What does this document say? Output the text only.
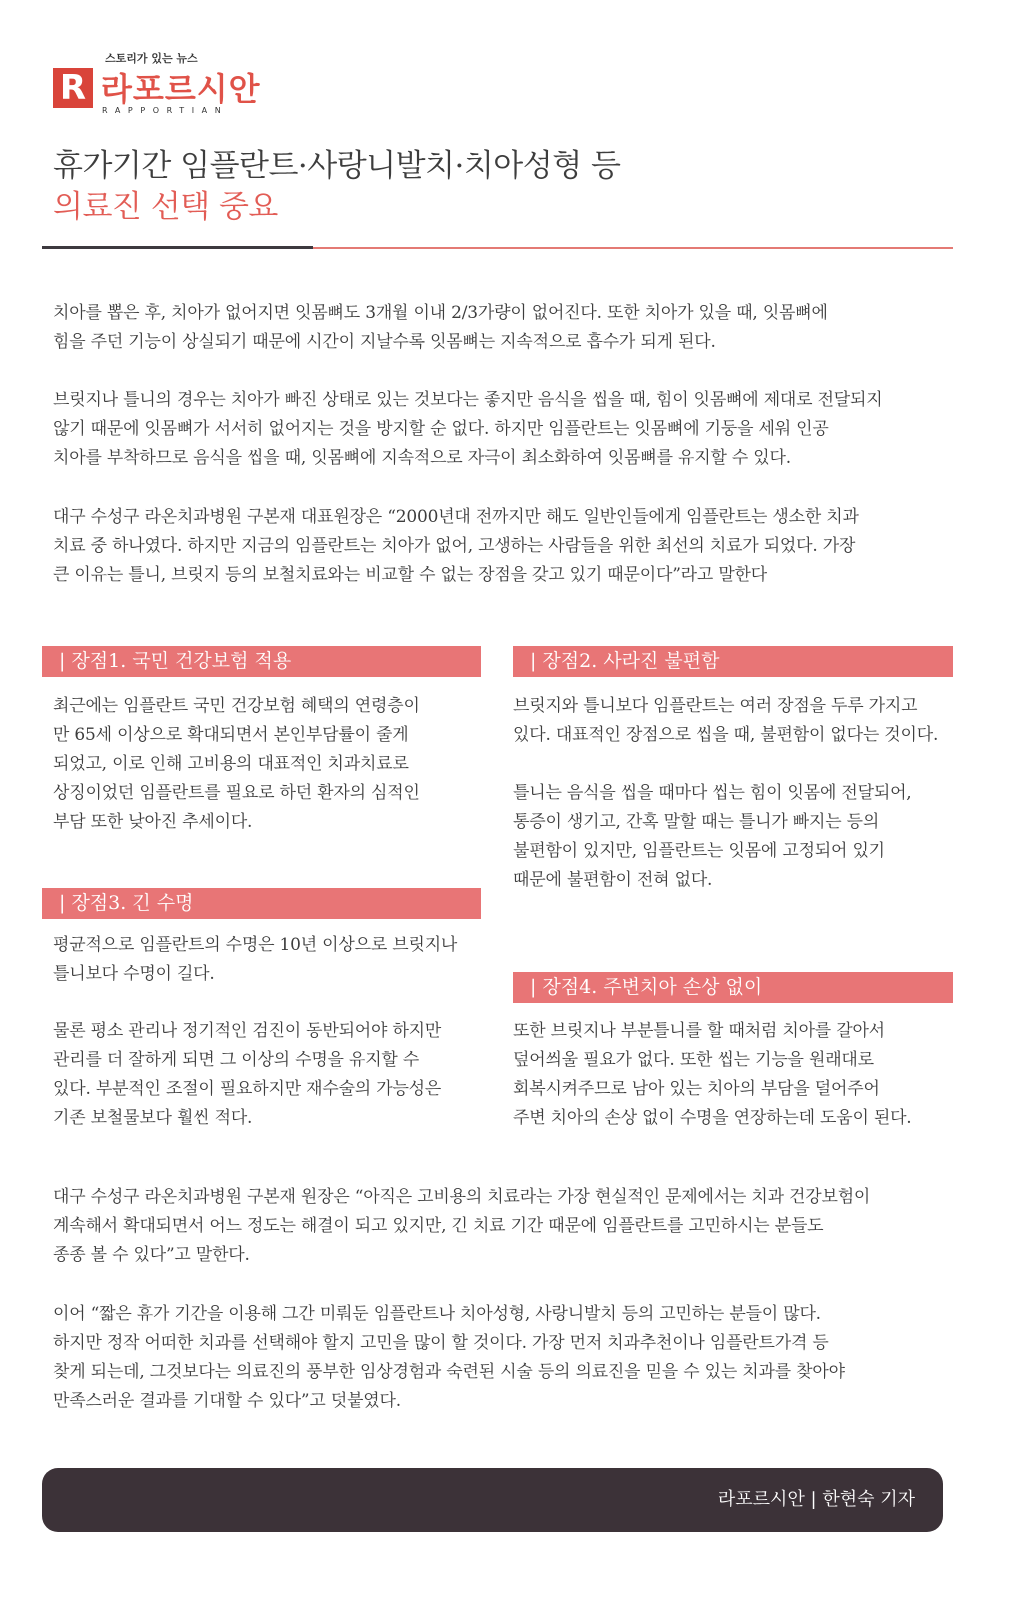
스토리가 있는 뉴스
R 라포르시안
RAPPORTIAN
휴가기간 임플란트·사랑니발치·치아성형 등
의료진 선택 중요

치아를 뽑은 후, 치아가 없어지면 잇몸뼈도 3개월 이내 2/3가량이 없어진다. 또한 치아가 있을 때, 잇몸뼈에
힘을 주던 기능이 상실되기 때문에 시간이 지날수록 잇몸뼈는 지속적으로 흡수가 되게 된다.

브릿지나 틀니의 경우는 치아가 빠진 상태로 있는 것보다는 좋지만 음식을 씹을 때, 힘이 잇몸뼈에 제대로 전달되지
않기 때문에 잇몸뼈가 서서히 없어지는 것을 방지할 순 없다. 하지만 임플란트는 잇몸뼈에 기둥을 세워 인공
치아를 부착하므로 음식을 씹을 때, 잇몸뼈에 지속적으로 자극이 최소화하여 잇몸뼈를 유지할 수 있다.

대구 수성구 라온치과병원 구본재 대표원장은 “2000년대 전까지만 해도 일반인들에게 임플란트는 생소한 치과
치료 중 하나였다. 하지만 지금의 임플란트는 치아가 없어, 고생하는 사람들을 위한 최선의 치료가 되었다. 가장
큰 이유는 틀니, 브릿지 등의 보철치료와는 비교할 수 없는 장점을 갖고 있기 때문이다”라고 말한다

| 장점1. 국민 건강보험 적용

최근에는 임플란트 국민 건강보험 혜택의 연령층이
만 65세 이상으로 확대되면서 본인부담률이 줄게
되었고, 이로 인해 고비용의 대표적인 치과치료로
상징이었던 임플란트를 필요로 하던 환자의 심적인
부담 또한 낮아진 추세이다.

| 장점2. 사라진 불편함

브릿지와 틀니보다 임플란트는 여러 장점을 두루 가지고
있다. 대표적인 장점으로 씹을 때, 불편함이 없다는 것이다.

틀니는 음식을 씹을 때마다 씹는 힘이 잇몸에 전달되어,
통증이 생기고, 간혹 말할 때는 틀니가 빠지는 등의
불편함이 있지만, 임플란트는 잇몸에 고정되어 있기
때문에 불편함이 전혀 없다.

| 장점3. 긴 수명

평균적으로 임플란트의 수명은 10년 이상으로 브릿지나
틀니보다 수명이 길다.

물론 평소 관리나 정기적인 검진이 동반되어야 하지만
관리를 더 잘하게 되면 그 이상의 수명을 유지할 수
있다. 부분적인 조절이 필요하지만 재수술의 가능성은
기존 보철물보다 훨씬 적다.

| 장점4. 주변치아 손상 없이

또한 브릿지나 부분틀니를 할 때처럼 치아를 갈아서
덮어씌울 필요가 없다. 또한 씹는 기능을 원래대로
회복시켜주므로 남아 있는 치아의 부담을 덜어주어
주변 치아의 손상 없이 수명을 연장하는데 도움이 된다.

대구 수성구 라온치과병원 구본재 원장은 “아직은 고비용의 치료라는 가장 현실적인 문제에서는 치과 건강보험이
계속해서 확대되면서 어느 정도는 해결이 되고 있지만, 긴 치료 기간 때문에 임플란트를 고민하시는 분들도
종종 볼 수 있다”고 말한다.

이어 “짧은 휴가 기간을 이용해 그간 미뤄둔 임플란트나 치아성형, 사랑니발치 등의 고민하는 분들이 많다.
하지만 정작 어떠한 치과를 선택해야 할지 고민을 많이 할 것이다. 가장 먼저 치과추천이나 임플란트가격 등
찾게 되는데, 그것보다는 의료진의 풍부한 임상경험과 숙련된 시술 등의 의료진을 믿을 수 있는 치과를 찾아야
만족스러운 결과를 기대할 수 있다”고 덧붙였다.

라포르시안 | 한현숙 기자
